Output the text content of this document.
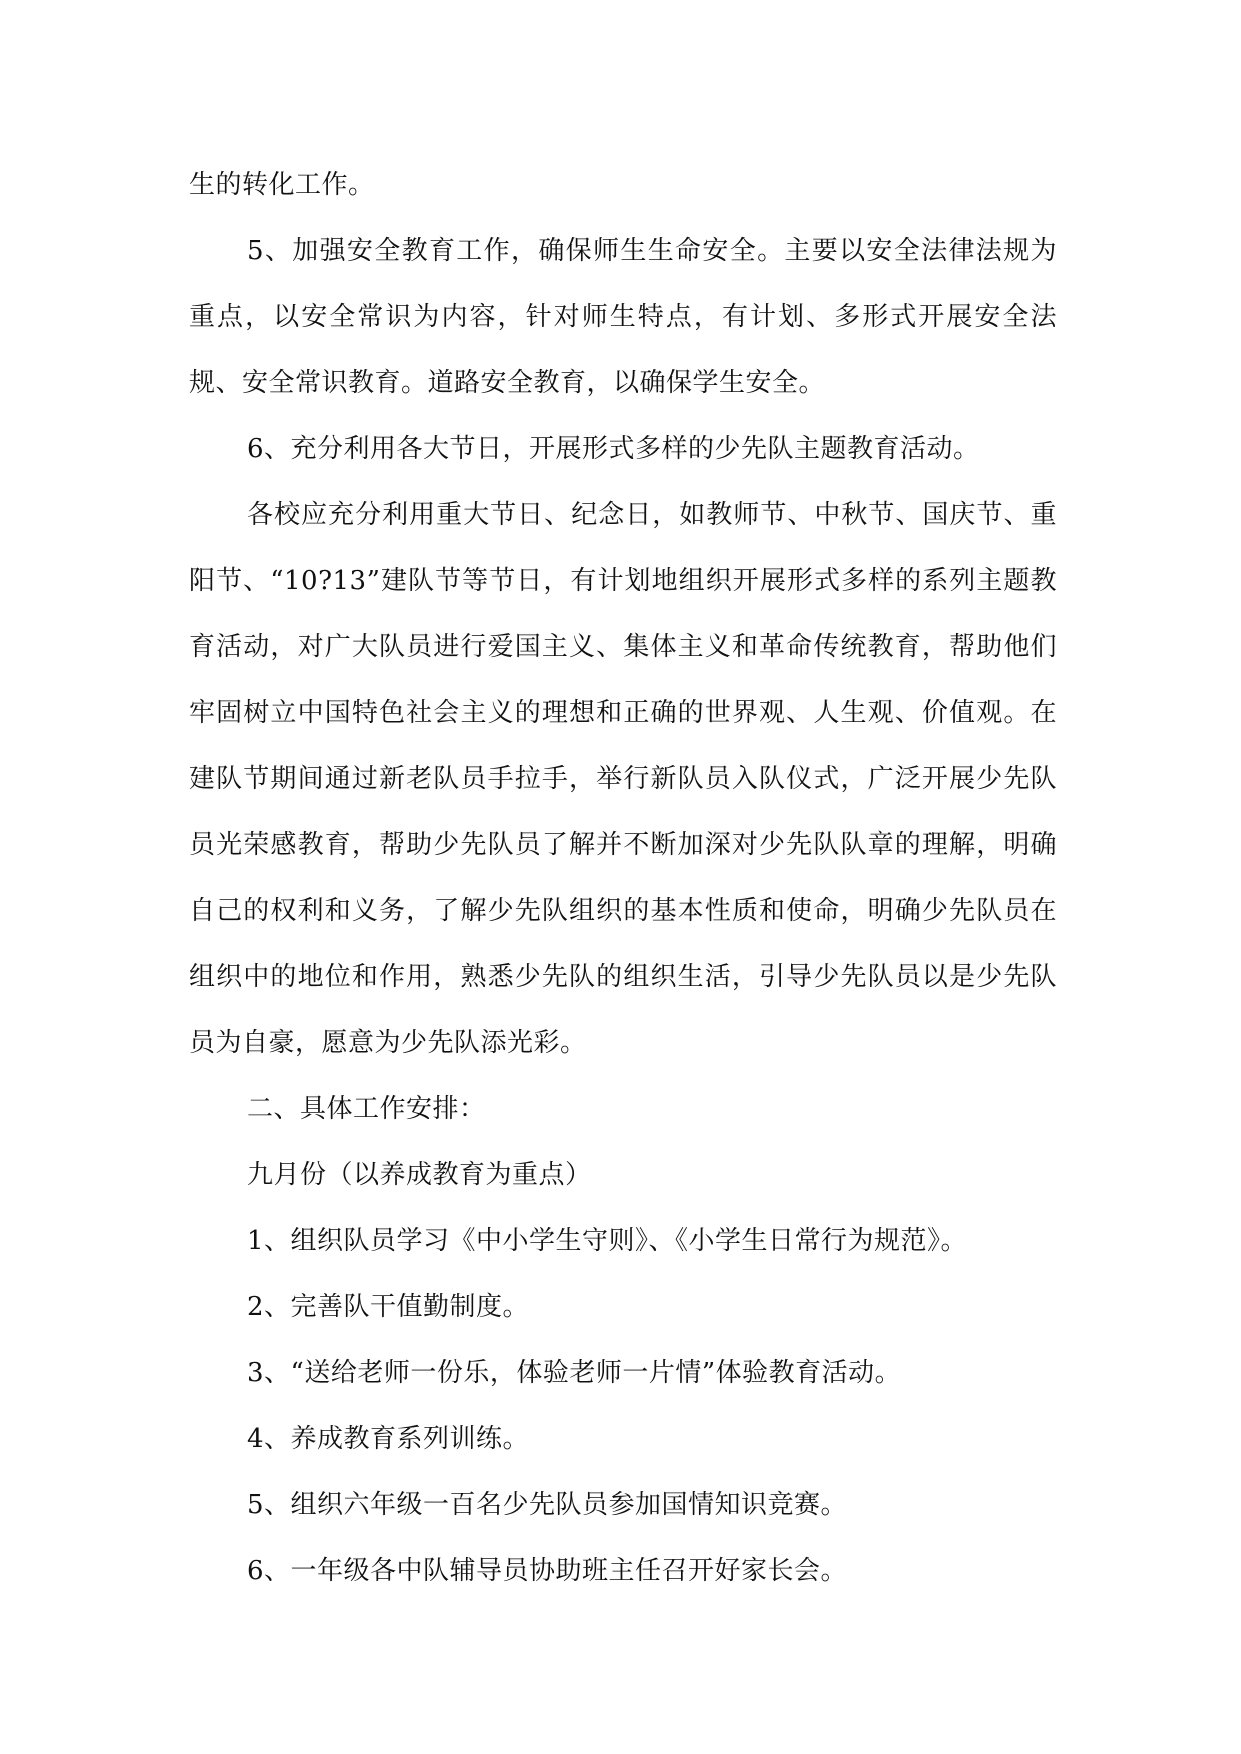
生的转化工作。

5、加强安全教育工作，确保师生生命安全。主要以安全法律法规为重点，以安全常识为内容，针对师生特点，有计划、多形式开展安全法规、安全常识教育。道路安全教育，以确保学生安全。

6、充分利用各大节日，开展形式多样的少先队主题教育活动。

各校应充分利用重大节日、纪念日，如教师节、中秋节、国庆节、重阳节、“10?13”建队节等节日，有计划地组织开展形式多样的系列主题教育活动，对广大队员进行爱国主义、集体主义和革命传统教育，帮助他们牢固树立中国特色社会主义的理想和正确的世界观、人生观、价值观。在建队节期间通过新老队员手拉手，举行新队员入队仪式，广泛开展少先队员光荣感教育，帮助少先队员了解并不断加深对少先队队章的理解，明确自己的权利和义务，了解少先队组织的基本性质和使命，明确少先队员在组织中的地位和作用，熟悉少先队的组织生活，引导少先队员以是少先队员为自豪，愿意为少先队添光彩。

二、具体工作安排：

九月份（以养成教育为重点）

1、组织队员学习《中小学生守则》、《小学生日常行为规范》。

2、完善队干值勤制度。

3、“送给老师一份乐，体验老师一片情”体验教育活动。

4、养成教育系列训练。

5、组织六年级一百名少先队员参加国情知识竞赛。

6、一年级各中队辅导员协助班主任召开好家长会。
